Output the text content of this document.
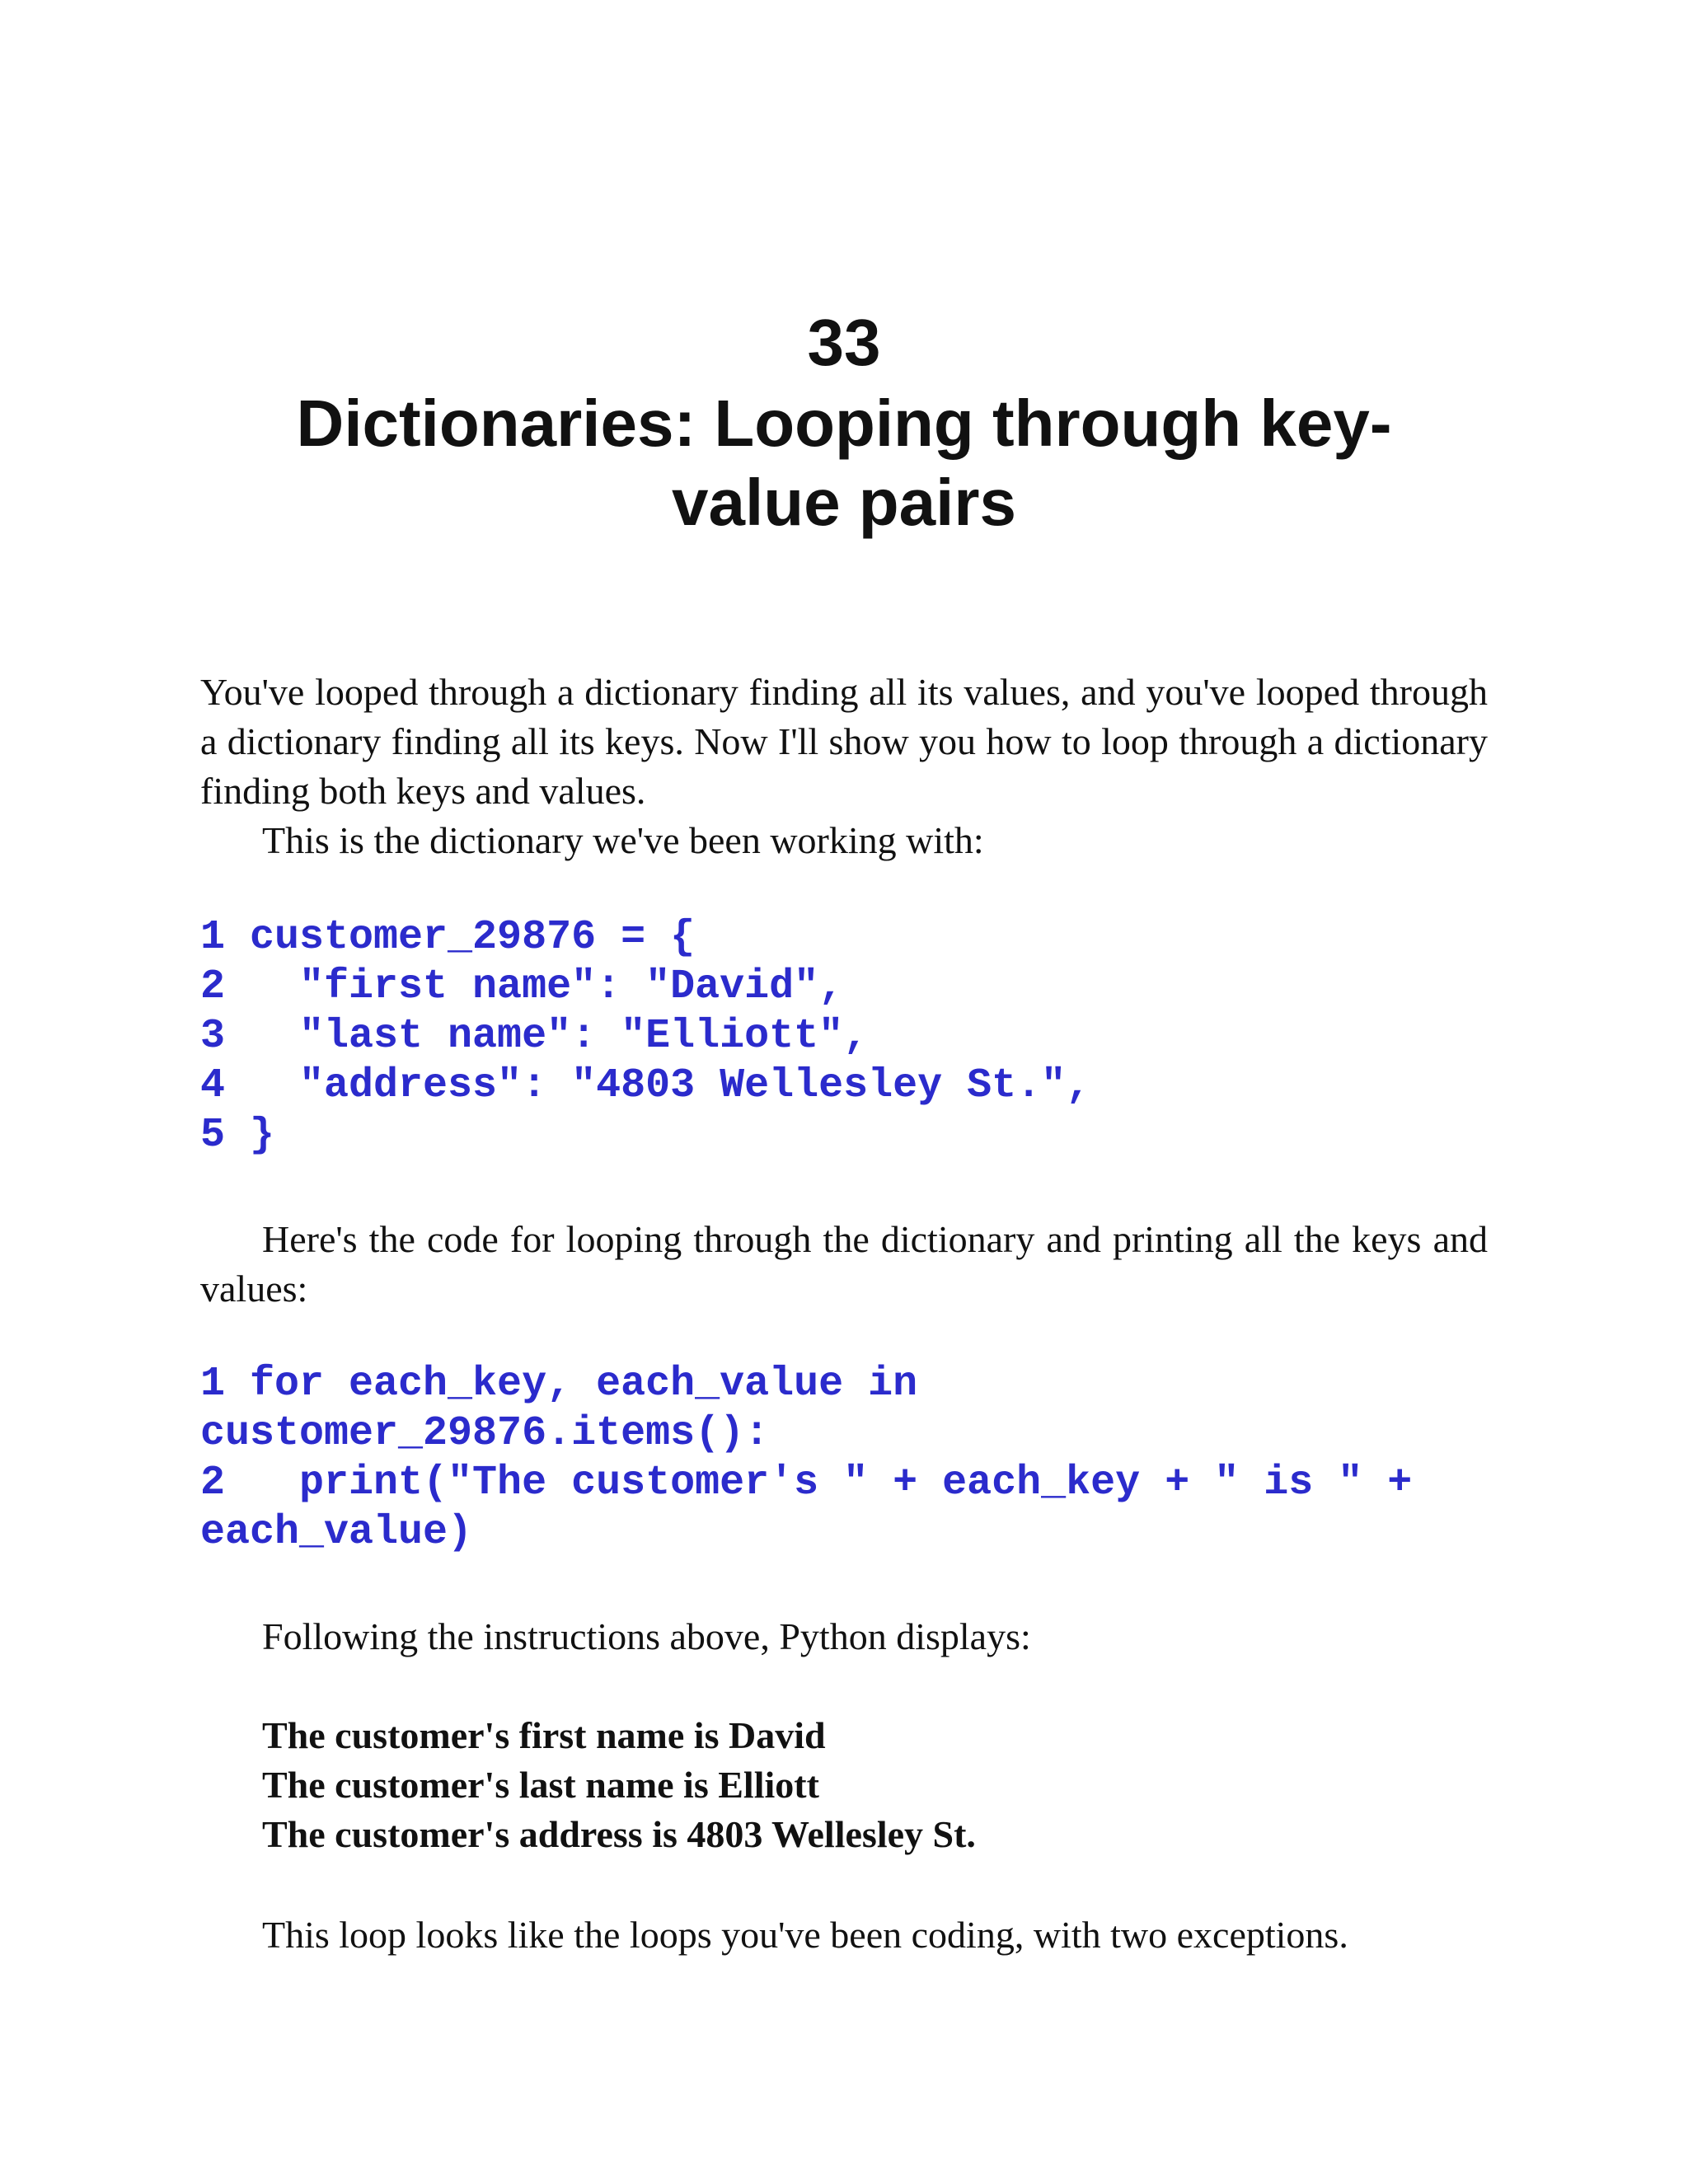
33
Dictionaries: Looping through key-value pairs

You've looped through a dictionary finding all its values, and you've looped through a dictionary finding all its keys. Now I'll show you how to loop through a dictionary finding both keys and values.

This is the dictionary we've been working with:

1 customer_29876 = {
2   "first name": "David",
3   "last name": "Elliott",
4   "address": "4803 Wellesley St.",
5 }

Here's the code for looping through the dictionary and printing all the keys and values:

1 for each_key, each_value in
customer_29876.items():
2   print("The customer's " + each_key + " is " +
each_value)

Following the instructions above, Python displays:

The customer's first name is David
The customer's last name is Elliott
The customer's address is 4803 Wellesley St.

This loop looks like the loops you've been coding, with two exceptions.
